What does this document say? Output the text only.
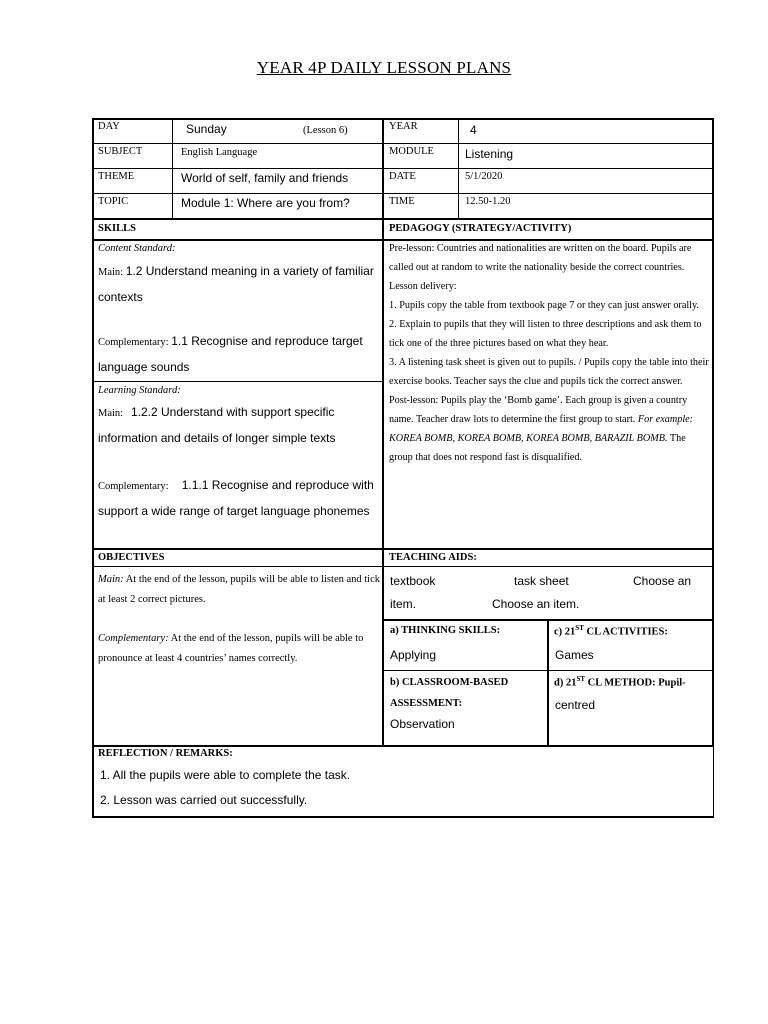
YEAR 4P DAILY LESSON PLANS
DAY	Sunday	(Lesson 6)	YEAR	4
SUBJECT	English Language	MODULE	Listening
THEME	World of self, family and friends	DATE	5/1/2020
TOPIC	Module 1: Where are you from?	TIME	12.50-1.20
SKILLS	PEDAGOGY (STRATEGY/ACTIVITY)
Content Standard:
Main: 1.2 Understand meaning in a variety of familiar contexts
Complementary: 1.1 Recognise and reproduce target language sounds
Learning Standard:
Main: 1.2.2 Understand with support specific information and details of longer simple texts
Complementary: 1.1.1 Recognise and reproduce with support a wide range of target language phonemes

Pre-lesson: Countries and nationalities are written on the board. Pupils are called out at random to write the nationality beside the correct countries.

Lesson delivery:

1. Pupils copy the table from textbook page 7 or they can just answer orally.

2. Explain to pupils that they will listen to three descriptions and ask them to tick one of the three pictures based on what they hear.

3. A listening task sheet is given out to pupils. / Pupils copy the table into their exercise books. Teacher says the clue and pupils tick the correct answer.

Post-lesson: Pupils play the ‘Bomb game’. Each group is given a country name. Teacher draw lots to determine the first group to start. For example: KOREA BOMB, KOREA BOMB, KOREA BOMB, BARAZIL BOMB. The group that does not respond fast is disqualified.

OBJECTIVES	TEACHING AIDS:
Main: At the end of the lesson, pupils will be able to listen and tick at least 2 correct pictures.
Complementary: At the end of the lesson, pupils will be able to pronounce at least 4 countries’ names correctly.
textbook	task sheet	Choose an
item.	Choose an item.
a) THINKING SKILLS:
Applying
c) 21ST CL ACTIVITIES:
Games
b) CLASSROOM-BASED ASSESSMENT:
Observation
d) 21ST CL METHOD: Pupil-
centred
REFLECTION / REMARKS:
1. All the pupils were able to complete the task.
2. Lesson was carried out successfully.
